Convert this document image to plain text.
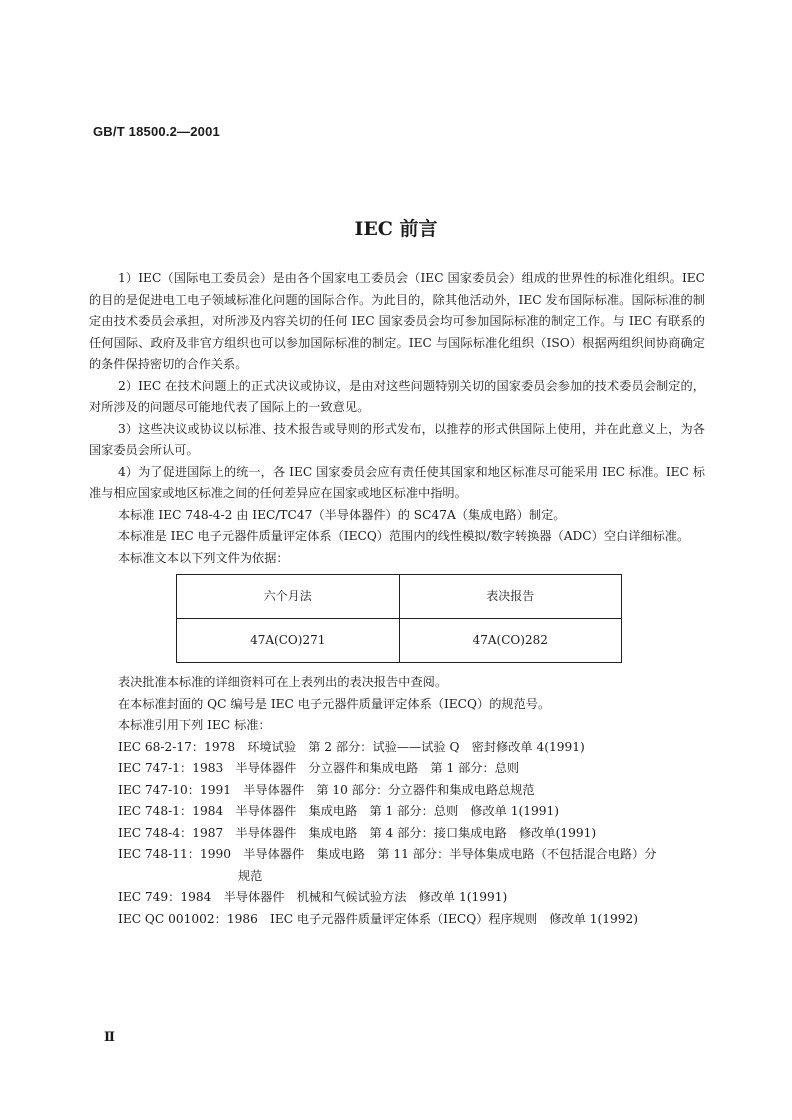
GB/T 18500.2—2001
IEC 前言

1）IEC（国际电工委员会）是由各个国家电工委员会（IEC 国家委员会）组成的世界性的标准化组织。IEC 的目的是促进电工电子领域标准化问题的国际合作。为此目的，除其他活动外，IEC 发布国际标准。国际标准的制定由技术委员会承担，对所涉及内容关切的任何 IEC 国家委员会均可参加国际标准的制定工作。与 IEC 有联系的任何国际、政府及非官方组织也可以参加国际标准的制定。IEC 与国际标准化组织（ISO）根据两组织间协商确定的条件保持密切的合作关系。

2）IEC 在技术问题上的正式决议或协议，是由对这些问题特别关切的国家委员会参加的技术委员会制定的，对所涉及的问题尽可能地代表了国际上的一致意见。

3）这些决议或协议以标准、技术报告或导则的形式发布，以推荐的形式供国际上使用，并在此意义上，为各国家委员会所认可。

4）为了促进国际上的统一，各 IEC 国家委员会应有责任使其国家和地区标准尽可能采用 IEC 标准。IEC 标准与相应国家或地区标准之间的任何差异应在国家或地区标准中指明。

本标准 IEC 748-4-2 由 IEC/TC47（半导体器件）的 SC47A（集成电路）制定。

本标准是 IEC 电子元器件质量评定体系（IECQ）范围内的线性模拟/数字转换器（ADC）空白详细标准。

本标准文本以下列文件为依据：

六个月法	表决报告
47A(CO)271	47A(CO)282

表决批准本标准的详细资料可在上表列出的表决报告中查阅。

在本标准封面的 QC 编号是 IEC 电子元器件质量评定体系（IECQ）的规范号。

本标准引用下列 IEC 标准：

IEC 68-2-17：1978　环境试验　第 2 部分：试验——试验 Q　密封修改单 4(1991)

IEC 747-1：1983　半导体器件　分立器件和集成电路　第 1 部分：总则

IEC 747-10：1991　半导体器件　第 10 部分：分立器件和集成电路总规范

IEC 748-1：1984　半导体器件　集成电路　第 1 部分：总则　修改单 1(1991)

IEC 748-4：1987　半导体器件　集成电路　第 4 部分：接口集成电路　修改单(1991)

IEC 748-11：1990　半导体器件　集成电路　第 11 部分：半导体集成电路（不包括混合电路）分

规范

IEC 749：1984　半导体器件　机械和气候试验方法　修改单 1(1991)

IEC QC 001002：1986　IEC 电子元器件质量评定体系（IECQ）程序规则　修改单 1(1992)

Ⅱ
